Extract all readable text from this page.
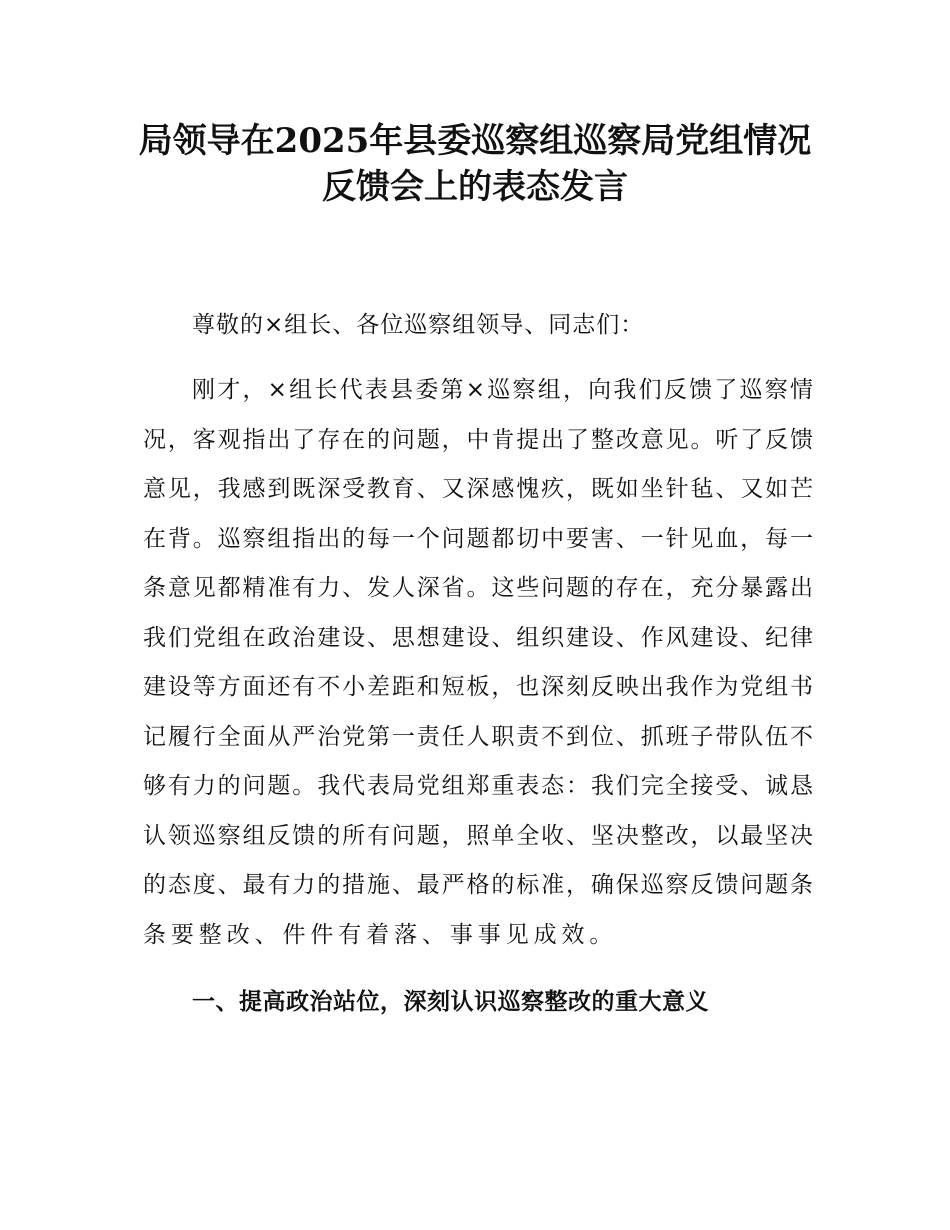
局领导在2025年县委巡察组巡察局党组情况
反馈会上的表态发言

尊敬的×组长、各位巡察组领导、同志们：

刚才，×组长代表县委第×巡察组，向我们反馈了巡察情
况，客观指出了存在的问题，中肯提出了整改意见。听了反馈
意见，我感到既深受教育、又深感愧疚，既如坐针毡、又如芒
在背。巡察组指出的每一个问题都切中要害、一针见血，每一
条意见都精准有力、发人深省。这些问题的存在，充分暴露出
我们党组在政治建设、思想建设、组织建设、作风建设、纪律
建设等方面还有不小差距和短板，也深刻反映出我作为党组书
记履行全面从严治党第一责任人职责不到位、抓班子带队伍不
够有力的问题。我代表局党组郑重表态：我们完全接受、诚恳
认领巡察组反馈的所有问题，照单全收、坚决整改，以最坚决
的态度、最有力的措施、最严格的标准，确保巡察反馈问题条
条要整改、件件有着落、事事见成效。
一、提高政治站位，深刻认识巡察整改的重大意义
